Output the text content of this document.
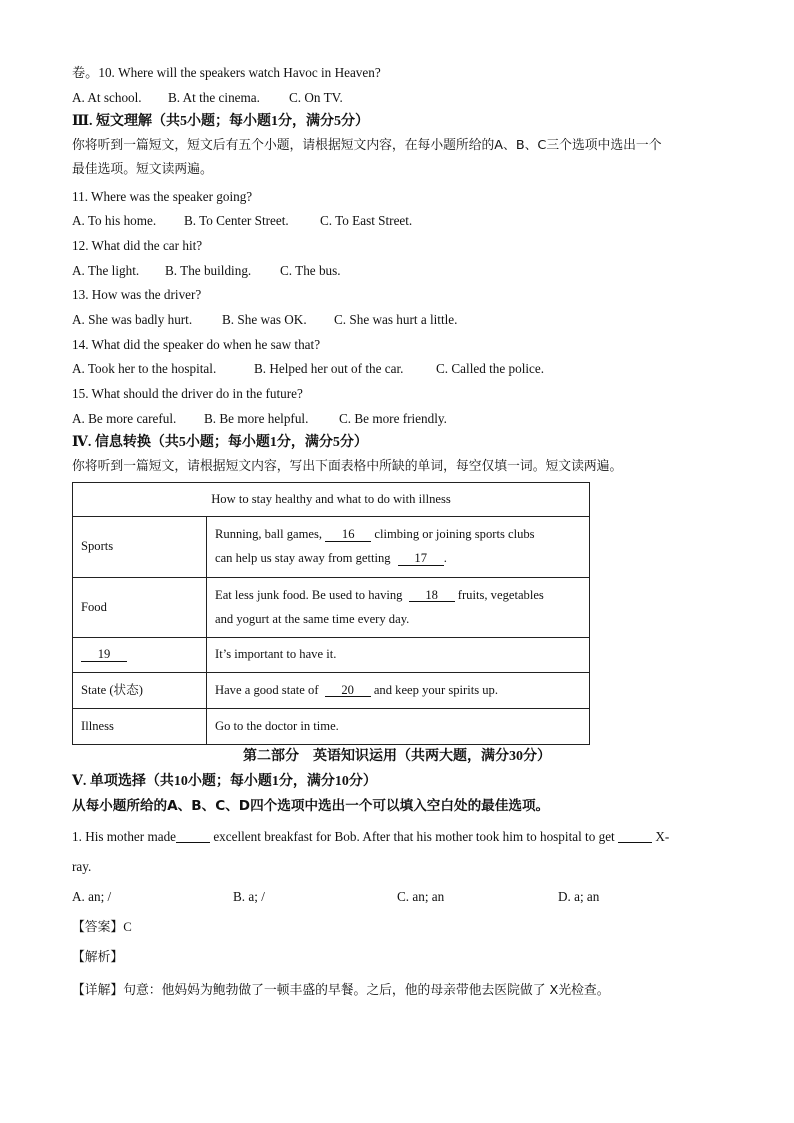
卷。10. Where will the speakers watch Havoc in Heaven?
A. At school. B. At the cinema. C. On TV.
Ⅲ. 短文理解（共5小题；每小题1分，满分5分）
你将听到一篇短文，短文后有五个小题，请根据短文内容，在每小题所给的A、B、C三个选项中选出一个
最佳选项。短文读两遍。
11. Where was the speaker going?
A. To his home. B. To Center Street. C. To East Street.
12. What did the car hit?
A. The light. B. The building. C. The bus.
13. How was the driver?
A. She was badly hurt. B. She was OK. C. She was hurt a little.
14. What did the speaker do when he saw that?
A. Took her to the hospital.	B. Helped her out of the car. C. Called the police.
15. What should the driver do in the future?
A. Be more careful. B. Be more helpful. C. Be more friendly.
Ⅳ. 信息转换（共5小题；每小题1分，满分5分）
你将听到一篇短文，请根据短文内容，写出下面表格中所缺的单词，每空仅填一词。短文读两遍。
How to stay healthy and what to do with illness	
Sports	Running, ball games, 16 climbing or joining sports clubs
can help us stay away from getting 17 .
Food	Eat less junk food. Be used to having 18 fruits, vegetables
and yogurt at the same time every day.
19	It’s important to have it.
State (状态)	Have a good state of 20 and keep your spirits up.
Illness	Go to the doctor in time.
第二部分　英语知识运用（共两大题，满分30分）
Ⅴ. 单项选择（共10小题；每小题1分，满分10分）
从每小题所给的A、B、C、D四个选项中选出一个可以填入空白处的最佳选项。
1. His mother made	excellent breakfast for Bob. After that his mother took him to hospital to get	X-
ray.
A. an; /	B. a; /	C. an; an	D. a; an
【答案】C
【解析】
【详解】句意：他妈妈为鲍勃做了一顿丰盛的早餐。之后，他的母亲带他去医院做了 X光检查。
